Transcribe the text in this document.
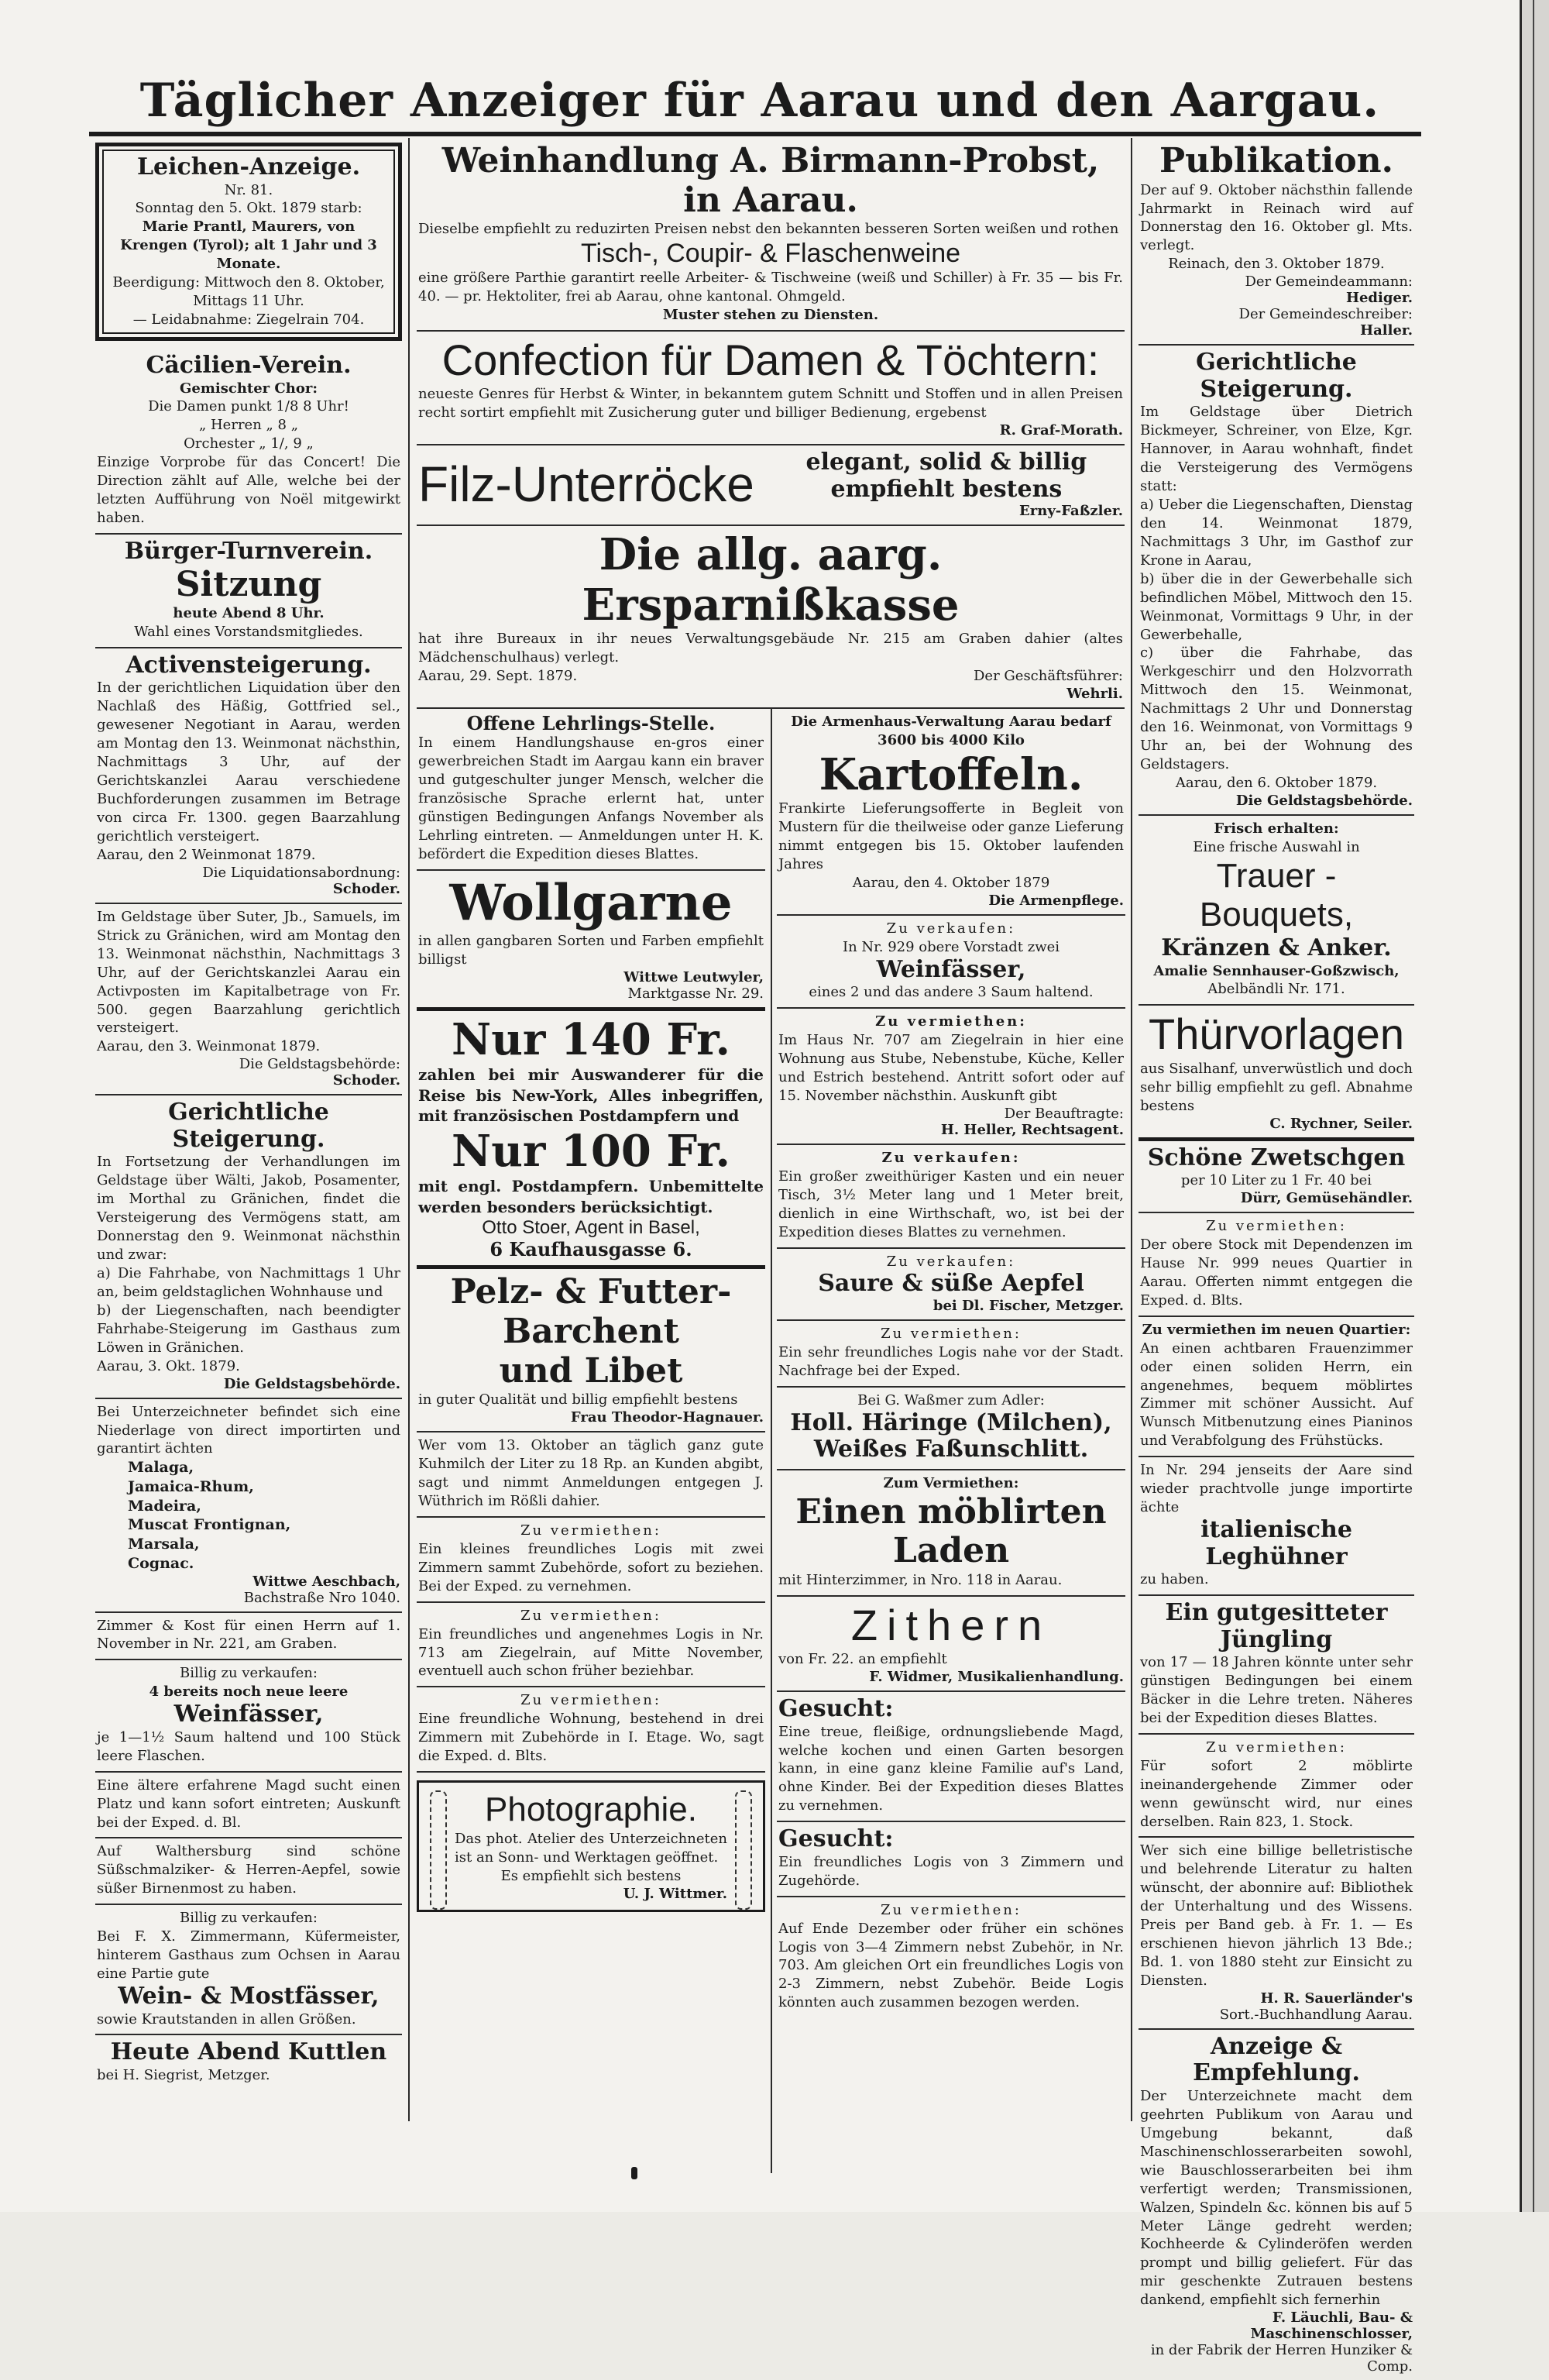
Täglicher Anzeiger für Aarau und den Aargau.
Leichen-Anzeige.
Nr. 81.
Sonntag den 5. Okt. 1879 starb:
Marie Prantl, Maurers, von Krengen (Tyrol); alt 1 Jahr und 3 Monate.
Beerdigung: Mittwoch den 8. Oktober, Mittags 11 Uhr.
— Leidabnahme: Ziegelrain 704.
Cäcilien-Verein.
Gemischter Chor:
Die Damen punkt 1/8 8 Uhr!
„ Herren „ 8 „
Orchester „ 1/, 9 „
Einzige Vorprobe für das Concert! Die Direction zählt auf Alle, welche bei der letzten Aufführung von Noël mitgewirkt haben.
Bürger-Turnverein.
Sitzung
heute Abend 8 Uhr.
Wahl eines Vorstandsmitgliedes.
Activensteigerung.
In der gerichtlichen Liquidation über den Nachlaß des Häßig, Gottfried sel., gewesener Negotiant in Aarau, werden am Montag den 13. Weinmonat nächsthin, Nachmittags 3 Uhr, auf der Gerichtskanzlei Aarau verschiedene Buchforderungen zusammen im Betrage von circa Fr. 1300. gegen Baarzahlung gerichtlich versteigert.
Aarau, den 2 Weinmonat 1879.
Die Liquidationsabordnung:
Schoder.
Im Geldstage über Suter, Jb., Samuels, im Strick zu Gränichen, wird am Montag den 13. Weinmonat nächsthin, Nachmittags 3 Uhr, auf der Gerichtskanzlei Aarau ein Activposten im Kapitalbetrage von Fr. 500. gegen Baarzahlung gerichtlich versteigert.
Aarau, den 3. Weinmonat 1879.
Die Geldstagsbehörde:
Schoder.
Gerichtliche Steigerung.
In Fortsetzung der Verhandlungen im Geldstage über Wälti, Jakob, Posamenter, im Morthal zu Gränichen, findet die Versteigerung des Vermögens statt, am Donnerstag den 9. Weinmonat nächsthin und zwar:
a) Die Fahrhabe, von Nachmittags 1 Uhr an, beim geldstaglichen Wohnhause und
b) der Liegenschaften, nach beendigter Fahrhabe-Steigerung im Gasthaus zum Löwen in Gränichen.
Aarau, 3. Okt. 1879.
Die Geldstagsbehörde.
Bei Unterzeichneter befindet sich eine Niederlage von direct importirten und garantirt ächten
Malaga,
Jamaica-Rhum,
Madeira,
Muscat Frontignan,
Marsala,
Cognac.
Wittwe Aeschbach,
Bachstraße Nro 1040.
Zimmer & Kost für einen Herrn auf 1. November in Nr. 221, am Graben.
Billig zu verkaufen:
4 bereits noch neue leere
Weinfässer,
je 1—1½ Saum haltend und 100 Stück leere Flaschen.
Eine ältere erfahrene Magd sucht einen Platz und kann sofort eintreten; Auskunft bei der Exped. d. Bl.
Auf Walthersburg sind schöne Süßschmalziker- & Herren-Aepfel, sowie süßer Birnenmost zu haben.
Billig zu verkaufen:
Bei F. X. Zimmermann, Küfermeister, hinterem Gasthaus zum Ochsen in Aarau eine Partie gute
Wein- & Mostfässer,
sowie Krautstanden in allen Größen.
Heute Abend Kuttlen
bei H. Siegrist, Metzger.
Weinhandlung A. Birmann-Probst,
in Aarau.
Dieselbe empfiehlt zu reduzirten Preisen nebst den bekannten besseren Sorten weißen und rothen
Tisch-, Coupir- & Flaschenweine
eine größere Parthie garantirt reelle Arbeiter- & Tischweine (weiß und Schiller) à Fr. 35 — bis Fr. 40. — pr. Hektoliter, frei ab Aarau, ohne kantonal. Ohmgeld.
Muster stehen zu Diensten.
Confection für Damen & Töchtern:
neueste Genres für Herbst & Winter, in bekanntem gutem Schnitt und Stoffen und in allen Preisen recht sortirt empfiehlt mit Zusicherung guter und billiger Bedienung, ergebenst
R. Graf-Morath.
Filz-Unterröcke	elegant, solid & billig
empfiehlt bestens
Erny-Faßzler.
Die allg. aarg. Ersparnißkasse
hat ihre Bureaux in ihr neues Verwaltungsgebäude Nr. 215 am Graben dahier (altes Mädchenschulhaus) verlegt.
Aarau, 29. Sept. 1879.	Der Geschäftsführer:
Wehrli.
Offene Lehrlings-Stelle.
In einem Handlungshause en-gros einer gewerbreichen Stadt im Aargau kann ein braver und gutgeschulter junger Mensch, welcher die französische Sprache erlernt hat, unter günstigen Bedingungen Anfangs November als Lehrling eintreten. — Anmeldungen unter H. K. befördert die Expedition dieses Blattes.
Wollgarne
in allen gangbaren Sorten und Farben empfiehlt billigst
Wittwe Leutwyler,
Marktgasse Nr. 29.
Nur 140 Fr.
zahlen bei mir Auswanderer für die Reise bis New-York, Alles inbegriffen, mit französischen Postdampfern und
Nur 100 Fr.
mit engl. Postdampfern. Unbemittelte werden besonders berücksichtigt.
Otto Stoer, Agent in Basel,
6 Kaufhausgasse 6.
Pelz- & Futter-Barchent
und Libet
in guter Qualität und billig empfiehlt bestens
Frau Theodor-Hagnauer.
Wer vom 13. Oktober an täglich ganz gute Kuhmilch der Liter zu 18 Rp. an Kunden abgibt, sagt und nimmt Anmeldungen entgegen J. Wüthrich im Rößli dahier.
Zu vermiethen:
Ein kleines freundliches Logis mit zwei Zimmern sammt Zubehörde, sofort zu beziehen. Bei der Exped. zu vernehmen.
Zu vermiethen:
Ein freundliches und angenehmes Logis in Nr. 713 am Ziegelrain, auf Mitte November, eventuell auch schon früher beziehbar.
Zu vermiethen:
Eine freundliche Wohnung, bestehend in drei Zimmern mit Zubehörde in I. Etage. Wo, sagt die Exped. d. Blts.
Photographie.
Das phot. Atelier des Unterzeichneten ist an Sonn- und Werktagen geöffnet.
Es empfiehlt sich bestens
U. J. Wittmer.
Die Armenhaus-Verwaltung Aarau bedarf 3600 bis 4000 Kilo
Kartoffeln.
Frankirte Lieferungsofferte in Begleit von Mustern für die theilweise oder ganze Lieferung nimmt entgegen bis 15. Oktober laufenden Jahres
Aarau, den 4. Oktober 1879
Die Armenpflege.
Zu verkaufen:
In Nr. 929 obere Vorstadt zwei
Weinfässer,
eines 2 und das andere 3 Saum haltend.
Zu vermiethen:
Im Haus Nr. 707 am Ziegelrain in hier eine Wohnung aus Stube, Nebenstube, Küche, Keller und Estrich bestehend. Antritt sofort oder auf 15. November nächsthin. Auskunft gibt
Der Beauftragte:
H. Heller, Rechtsagent.
Zu verkaufen:
Ein großer zweithüriger Kasten und ein neuer Tisch, 3½ Meter lang und 1 Meter breit, dienlich in eine Wirthschaft, wo, ist bei der Expedition dieses Blattes zu vernehmen.
Zu verkaufen:
Saure & süße Aepfel
bei Dl. Fischer, Metzger.
Zu vermiethen:
Ein sehr freundliches Logis nahe vor der Stadt. Nachfrage bei der Exped.
Bei G. Waßmer zum Adler:
Holl. Häringe (Milchen),
Weißes Faßunschlitt.
Zum Vermiethen:
Einen möblirten Laden
mit Hinterzimmer, in Nro. 118 in Aarau.
Zithern
von Fr. 22. an empfiehlt
F. Widmer, Musikalienhandlung.
Gesucht:
Eine treue, fleißige, ordnungsliebende Magd, welche kochen und einen Garten besorgen kann, in eine ganz kleine Familie auf's Land, ohne Kinder. Bei der Expedition dieses Blattes zu vernehmen.
Gesucht:
Ein freundliches Logis von 3 Zimmern und Zugehörde.
Zu vermiethen:
Auf Ende Dezember oder früher ein schönes Logis von 3—4 Zimmern nebst Zubehör, in Nr. 703. Am gleichen Ort ein freundliches Logis von 2-3 Zimmern, nebst Zubehör. Beide Logis könnten auch zusammen bezogen werden.
Publikation.
Der auf 9. Oktober nächsthin fallende Jahrmarkt in Reinach wird auf Donnerstag den 16. Oktober gl. Mts. verlegt.
Reinach, den 3. Oktober 1879.
Der Gemeindeammann:
Hediger.
Der Gemeindeschreiber:
Haller.
Gerichtliche Steigerung.
Im Geldstage über Dietrich Bickmeyer, Schreiner, von Elze, Kgr. Hannover, in Aarau wohnhaft, findet die Versteigerung des Vermögens statt:
a) Ueber die Liegenschaften, Dienstag den 14. Weinmonat 1879, Nachmittags 3 Uhr, im Gasthof zur Krone in Aarau,
b) über die in der Gewerbehalle sich befindlichen Möbel, Mittwoch den 15. Weinmonat, Vormittags 9 Uhr, in der Gewerbehalle,
c) über die Fahrhabe, das Werkgeschirr und den Holzvorrath Mittwoch den 15. Weinmonat, Nachmittags 2 Uhr und Donnerstag den 16. Weinmonat, von Vormittags 9 Uhr an, bei der Wohnung des Geldstagers.
Aarau, den 6. Oktober 1879.
Die Geldstagsbehörde.
Frisch erhalten:
Eine frische Auswahl in
Trauer - Bouquets,
Kränzen & Anker.
Amalie Sennhauser-Goßzwisch,
Abelbändli Nr. 171.
Thürvorlagen
aus Sisalhanf, unverwüstlich und doch sehr billig empfiehlt zu gefl. Abnahme bestens
C. Rychner, Seiler.
Schöne Zwetschgen
per 10 Liter zu 1 Fr. 40 bei
Dürr, Gemüsehändler.
Zu vermiethen:
Der obere Stock mit Dependenzen im Hause Nr. 999 neues Quartier in Aarau. Offerten nimmt entgegen die Exped. d. Blts.
Zu vermiethen im neuen Quartier:
An einen achtbaren Frauenzimmer oder einen soliden Herrn, ein angenehmes, bequem möblirtes Zimmer mit schöner Aussicht. Auf Wunsch Mitbenutzung eines Pianinos und Verabfolgung des Frühstücks.
In Nr. 294 jenseits der Aare sind wieder prachtvolle junge importirte ächte
italienische Leghühner
zu haben.
Ein gutgesitteter Jüngling
von 17 — 18 Jahren könnte unter sehr günstigen Bedingungen bei einem Bäcker in die Lehre treten. Näheres bei der Expedition dieses Blattes.
Zu vermiethen:
Für sofort 2 möblirte ineinandergehende Zimmer oder wenn gewünscht wird, nur eines derselben. Rain 823, 1. Stock.
Wer sich eine billige belletristische und belehrende Literatur zu halten wünscht, der abonnire auf: Bibliothek der Unterhaltung und des Wissens. Preis per Band geb. à Fr. 1. — Es erschienen hievon jährlich 13 Bde.; Bd. 1. von 1880 steht zur Einsicht zu Diensten.
H. R. Sauerländer's
Sort.-Buchhandlung Aarau.
Anzeige & Empfehlung.
Der Unterzeichnete macht dem geehrten Publikum von Aarau und Umgebung bekannt, daß Maschinenschlosserarbeiten sowohl, wie Bauschlosserarbeiten bei ihm verfertigt werden; Transmissionen, Walzen, Spindeln &c. können bis auf 5 Meter Länge gedreht werden; Kochheerde & Cylinderöfen werden prompt und billig geliefert. Für das mir geschenkte Zutrauen bestens dankend, empfiehlt sich fernerhin
F. Läuchli, Bau- & Maschinenschlosser,
in der Fabrik der Herren Hunziker & Comp.
